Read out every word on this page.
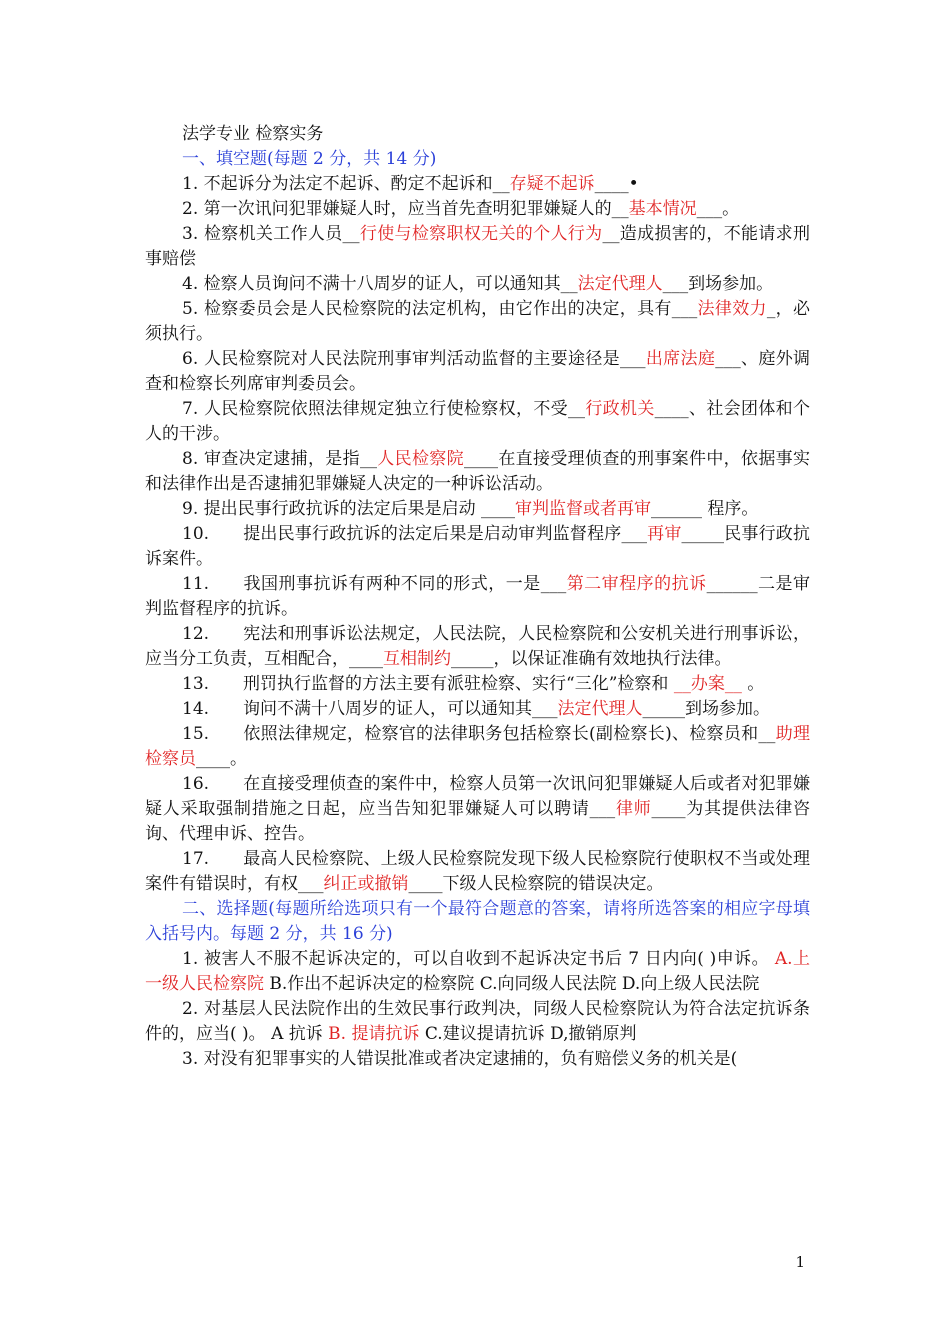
法学专业 检察实务

一、填空题(每题 2 分，共 14 分)

1. 不起诉分为法定不起诉、酌定不起诉和__存疑不起诉____•

2. 第一次讯问犯罪嫌疑人时，应当首先查明犯罪嫌疑人的__基本情况___。

3. 检察机关工作人员__行使与检察职权无关的个人行为__造成损害的，不能请求刑事赔偿

4. 检察人员询问不满十八周岁的证人，可以通知其__法定代理人___到场参加。

5. 检察委员会是人民检察院的法定机构，由它作出的决定，具有___法律效力_，必须执行。

6. 人民检察院对人民法院刑事审判活动监督的主要途径是___出席法庭___、庭外调查和检察长列席审判委员会。

7. 人民检察院依照法律规定独立行使检察权，不受__行政机关____、社会团体和个人的干涉。

8. 审查决定逮捕，是指__人民检察院____在直接受理侦查的刑事案件中，依据事实和法律作出是否逮捕犯罪嫌疑人决定的一种诉讼活动。

9. 提出民事行政抗诉的法定后果是启动 ____审判监督或者再审______ 程序。

10.  提出民事行政抗诉的法定后果是启动审判监督程序___再审_____民事行政抗诉案件。

11.  我国刑事抗诉有两种不同的形式，一是___第二审程序的抗诉______二是审判监督程序的抗诉。

12.  宪法和刑事诉讼法规定，人民法院，人民检察院和公安机关进行刑事诉讼，应当分工负责，互相配合，____互相制约_____，以保证准确有效地执行法律。

13.  刑罚执行监督的方法主要有派驻检察、实行“三化”检察和 __办案__ 。

14.  询问不满十八周岁的证人，可以通知其___法定代理人_____到场参加。

15.  依照法律规定，检察官的法律职务包括检察长(副检察长)、检察员和__助理检察员____。

16.  在直接受理侦查的案件中，检察人员第一次讯问犯罪嫌疑人后或者对犯罪嫌疑人采取强制措施之日起，应当告知犯罪嫌疑人可以聘请___律师____为其提供法律咨询、代理申诉、控告。

17.  最高人民检察院、上级人民检察院发现下级人民检察院行使职权不当或处理案件有错误时，有权___纠正或撤销____下级人民检察院的错误决定。

二、选择题(每题所给选项只有一个最符合题意的答案，请将所选答案的相应字母填入括号内。每题 2 分，共 16 分)

1. 被害人不服不起诉决定的，可以自收到不起诉决定书后 7 日内向( )申诉。 A.上一级人民检察院 B.作出不起诉决定的检察院 C.向同级人民法院 D.向上级人民法院

2. 对基层人民法院作出的生效民事行政判决，同级人民检察院认为符合法定抗诉条件的，应当( )。 A 抗诉 B. 提请抗诉 C.建议提请抗诉 D,撤销原判

3. 对没有犯罪事实的人错误批准或者决定逮捕的，负有赔偿义务的机关是(

1
